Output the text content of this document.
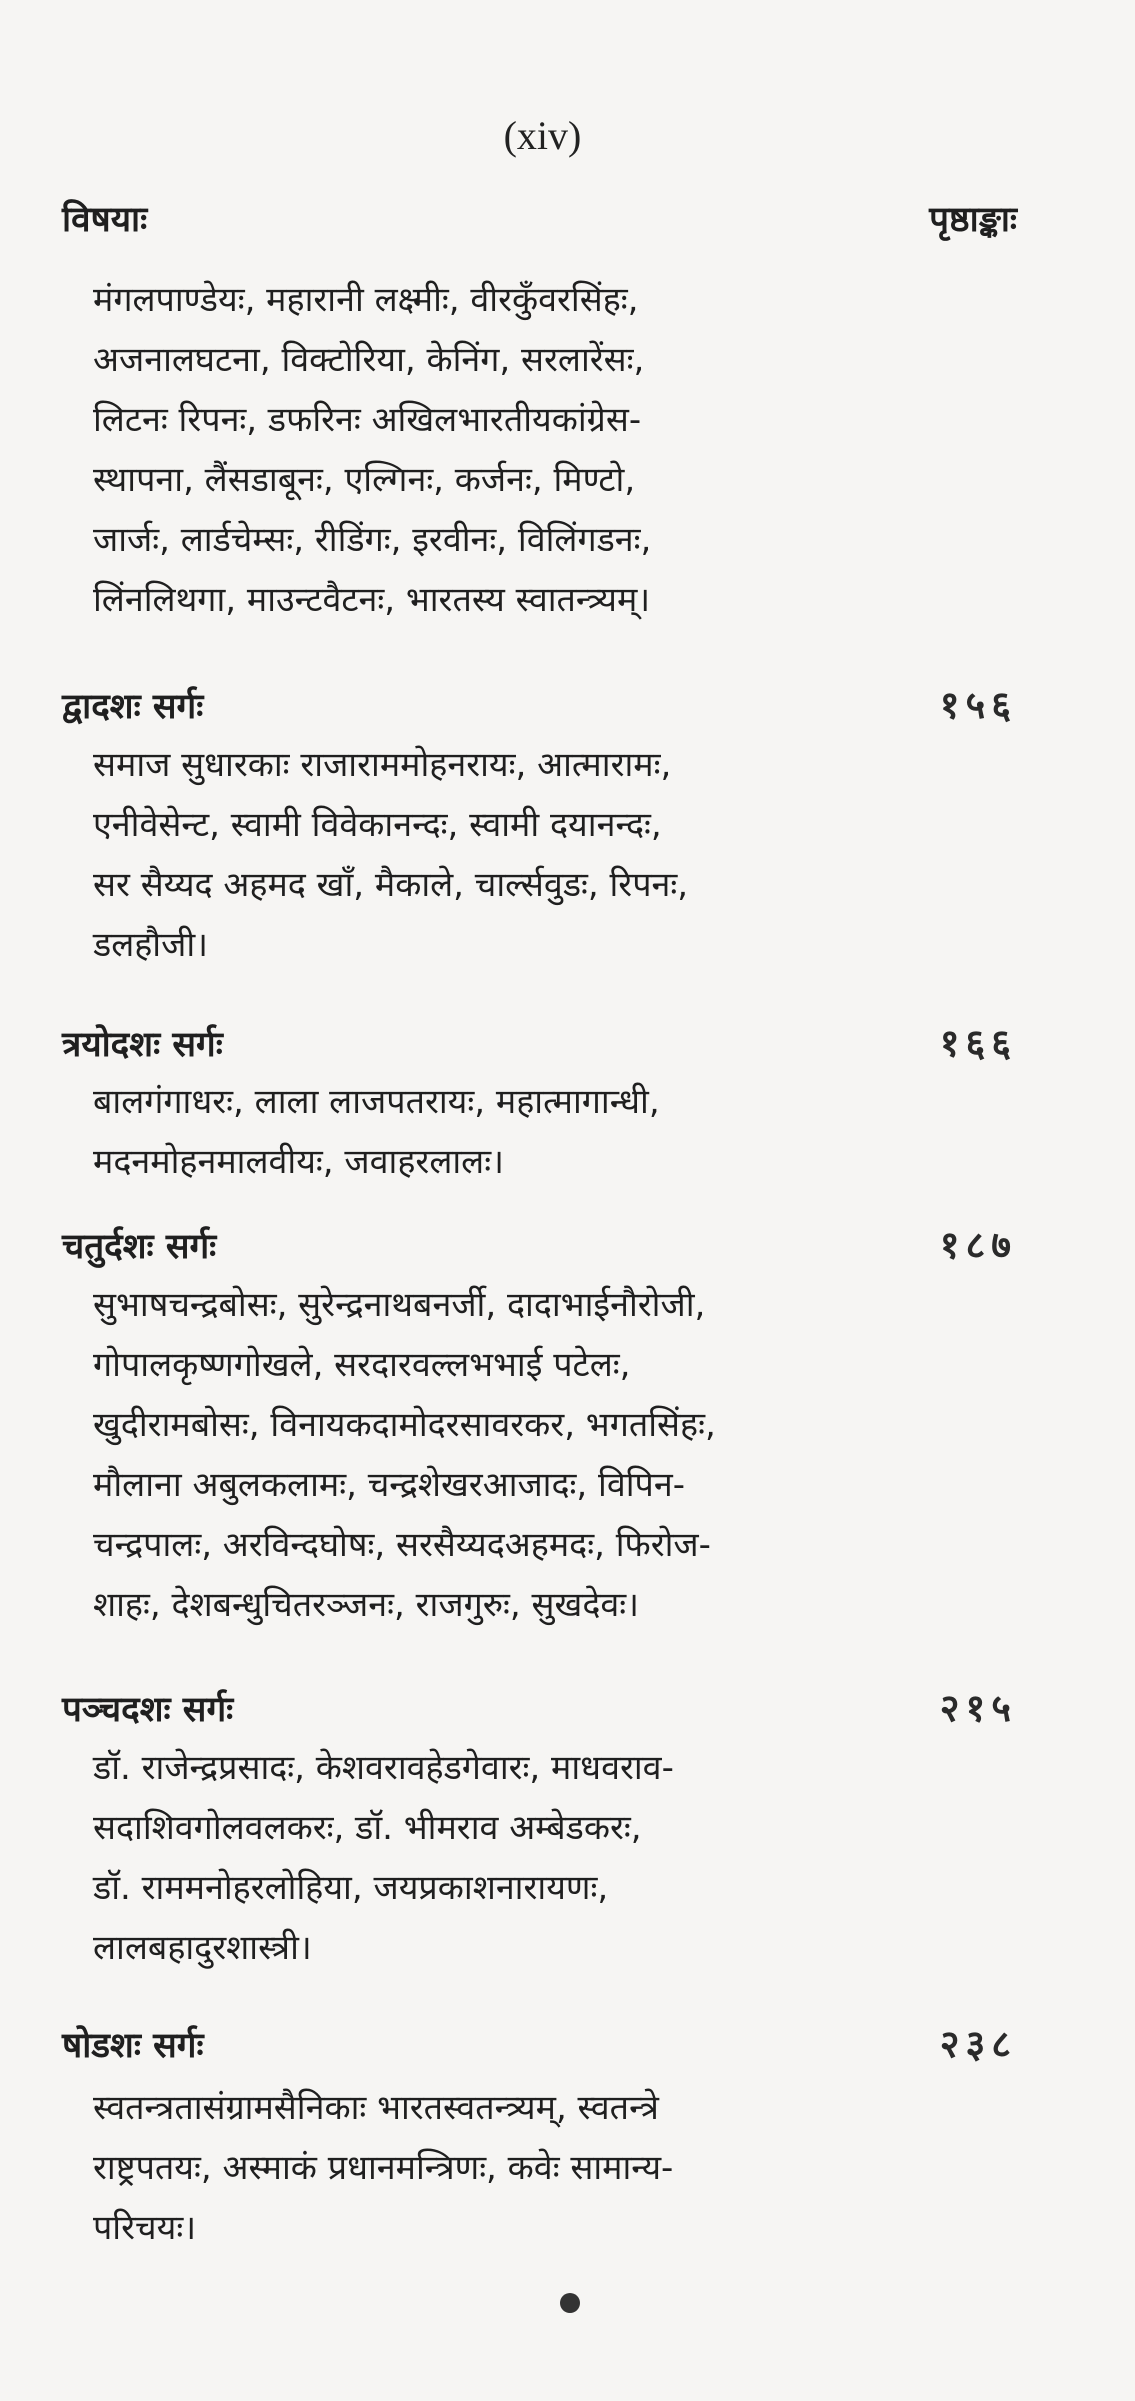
(xiv)
विषयाः	पृष्ठाङ्काः
मंगलपाण्डेयः, महारानी लक्ष्मीः, वीरकुँवरसिंहः,
अजनालघटना, विक्टोरिया, केनिंग, सरलारेंसः,
लिटनः रिपनः, डफरिनः अखिलभारतीयकांग्रेस-
स्थापना, लैंसडाबूनः, एल्गिनः, कर्जनः, मिण्टो,
जार्जः, लार्डचेम्सः, रीडिंगः, इरवीनः, विलिंगडनः,
लिंनलिथगा, माउन्टवैटनः, भारतस्य स्वातन्त्र्यम्।
द्वादशः सर्गः	१५६
समाज सुधारकाः राजाराममोहनरायः, आत्मारामः,
एनीवेसेन्ट, स्वामी विवेकानन्दः, स्वामी दयानन्दः,
सर सैय्यद अहमद खाँ, मैकाले, चार्ल्सवुडः, रिपनः,
डलहौजी।
त्रयोदशः सर्गः	१६६
बालगंगाधरः, लाला लाजपतरायः, महात्मागान्धी,
मदनमोहनमालवीयः, जवाहरलालः।
चतुर्दशः सर्गः	१८७
सुभाषचन्द्रबोसः, सुरेन्द्रनाथबनर्जी, दादाभाईनौरोजी,
गोपालकृष्णगोखले, सरदारवल्लभभाई पटेलः,
खुदीरामबोसः, विनायकदामोदरसावरकर, भगतसिंहः,
मौलाना अबुलकलामः, चन्द्रशेखरआजादः, विपिन-
चन्द्रपालः, अरविन्दघोषः, सरसैय्यदअहमदः, फिरोज-
शाहः, देशबन्धुचितरञ्जनः, राजगुरुः, सुखदेवः।
पञ्चदशः सर्गः	२१५
डॉ. राजेन्द्रप्रसादः, केशवरावहेडगेवारः, माधवराव-
सदाशिवगोलवलकरः, डॉ. भीमराव अम्बेडकरः,
डॉ. राममनोहरलोहिया, जयप्रकाशनारायणः,
लालबहादुरशास्त्री।
षोडशः सर्गः	२३८
स्वतन्त्रतासंग्रामसैनिकाः भारतस्वतन्त्र्यम्, स्वतन्त्रे
राष्ट्रपतयः, अस्माकं प्रधानमन्त्रिणः, कवेः सामान्य-
परिचयः।
